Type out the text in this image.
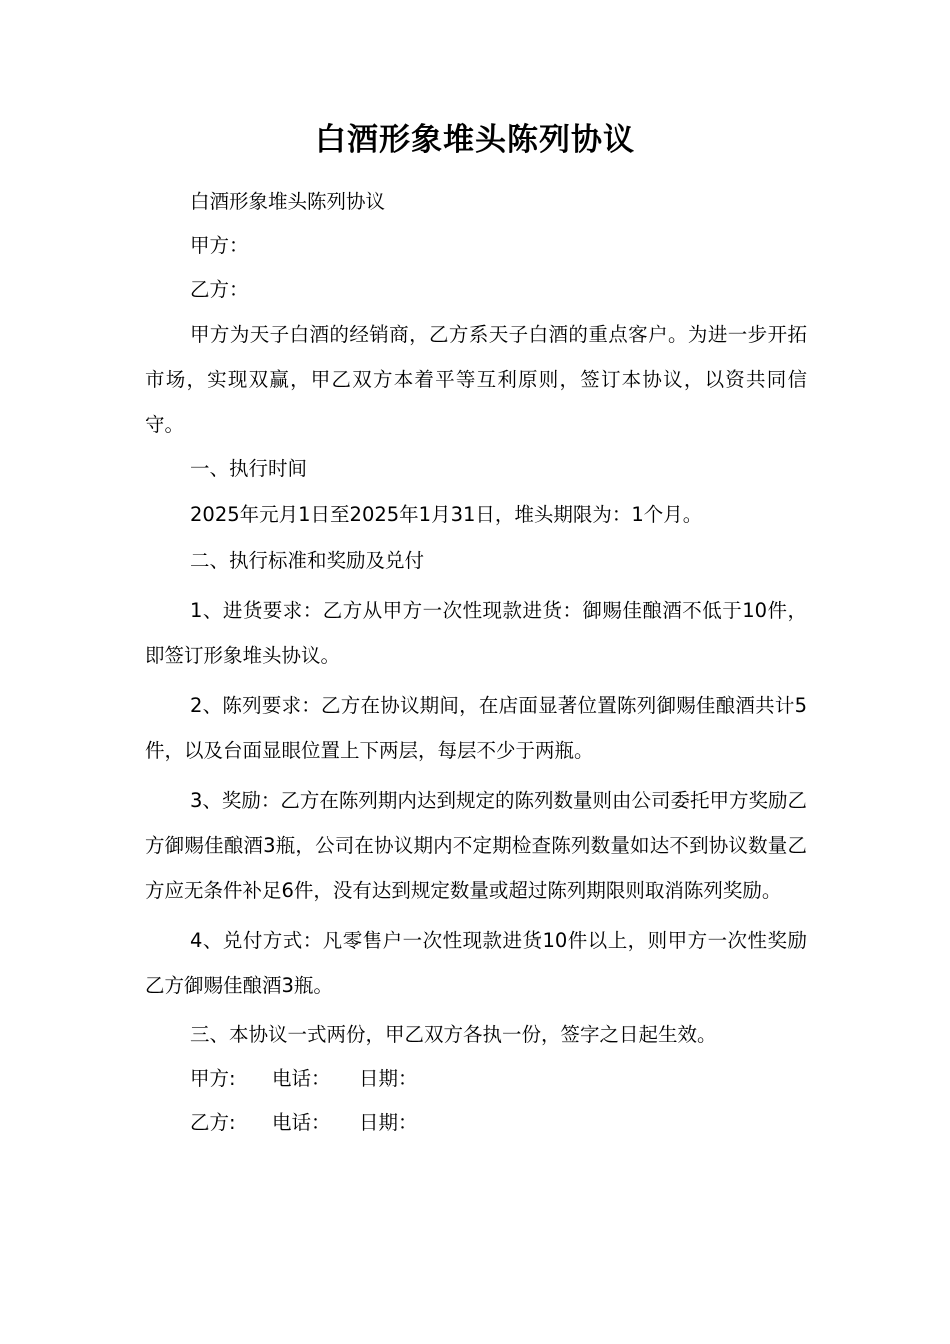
白酒形象堆头陈列协议

白酒形象堆头陈列协议

甲方：

乙方：

甲方为天子白酒的经销商，乙方系天子白酒的重点客户。为进一步开拓市场，实现双赢，甲乙双方本着平等互利原则，签订本协议，以资共同信守。

一、执行时间

2025年元月1日至2025年1月31日，堆头期限为：1个月。

二、执行标准和奖励及兑付

1、进货要求：乙方从甲方一次性现款进货：御赐佳酿酒不低于10件，即签订形象堆头协议。

2、陈列要求：乙方在协议期间，在店面显著位置陈列御赐佳酿酒共计5件，以及台面显眼位置上下两层，每层不少于两瓶。

3、奖励：乙方在陈列期内达到规定的陈列数量则由公司委托甲方奖励乙方御赐佳酿酒3瓶，公司在协议期内不定期检查陈列数量如达不到协议数量乙方应无条件补足6件，没有达到规定数量或超过陈列期限则取消陈列奖励。

4、兑付方式：凡零售户一次性现款进货10件以上，则甲方一次性奖励乙方御赐佳酿酒3瓶。

三、本协议一式两份，甲乙双方各执一份，签字之日起生效。

甲方: 电话： 日期：
乙方: 电话： 日期：
